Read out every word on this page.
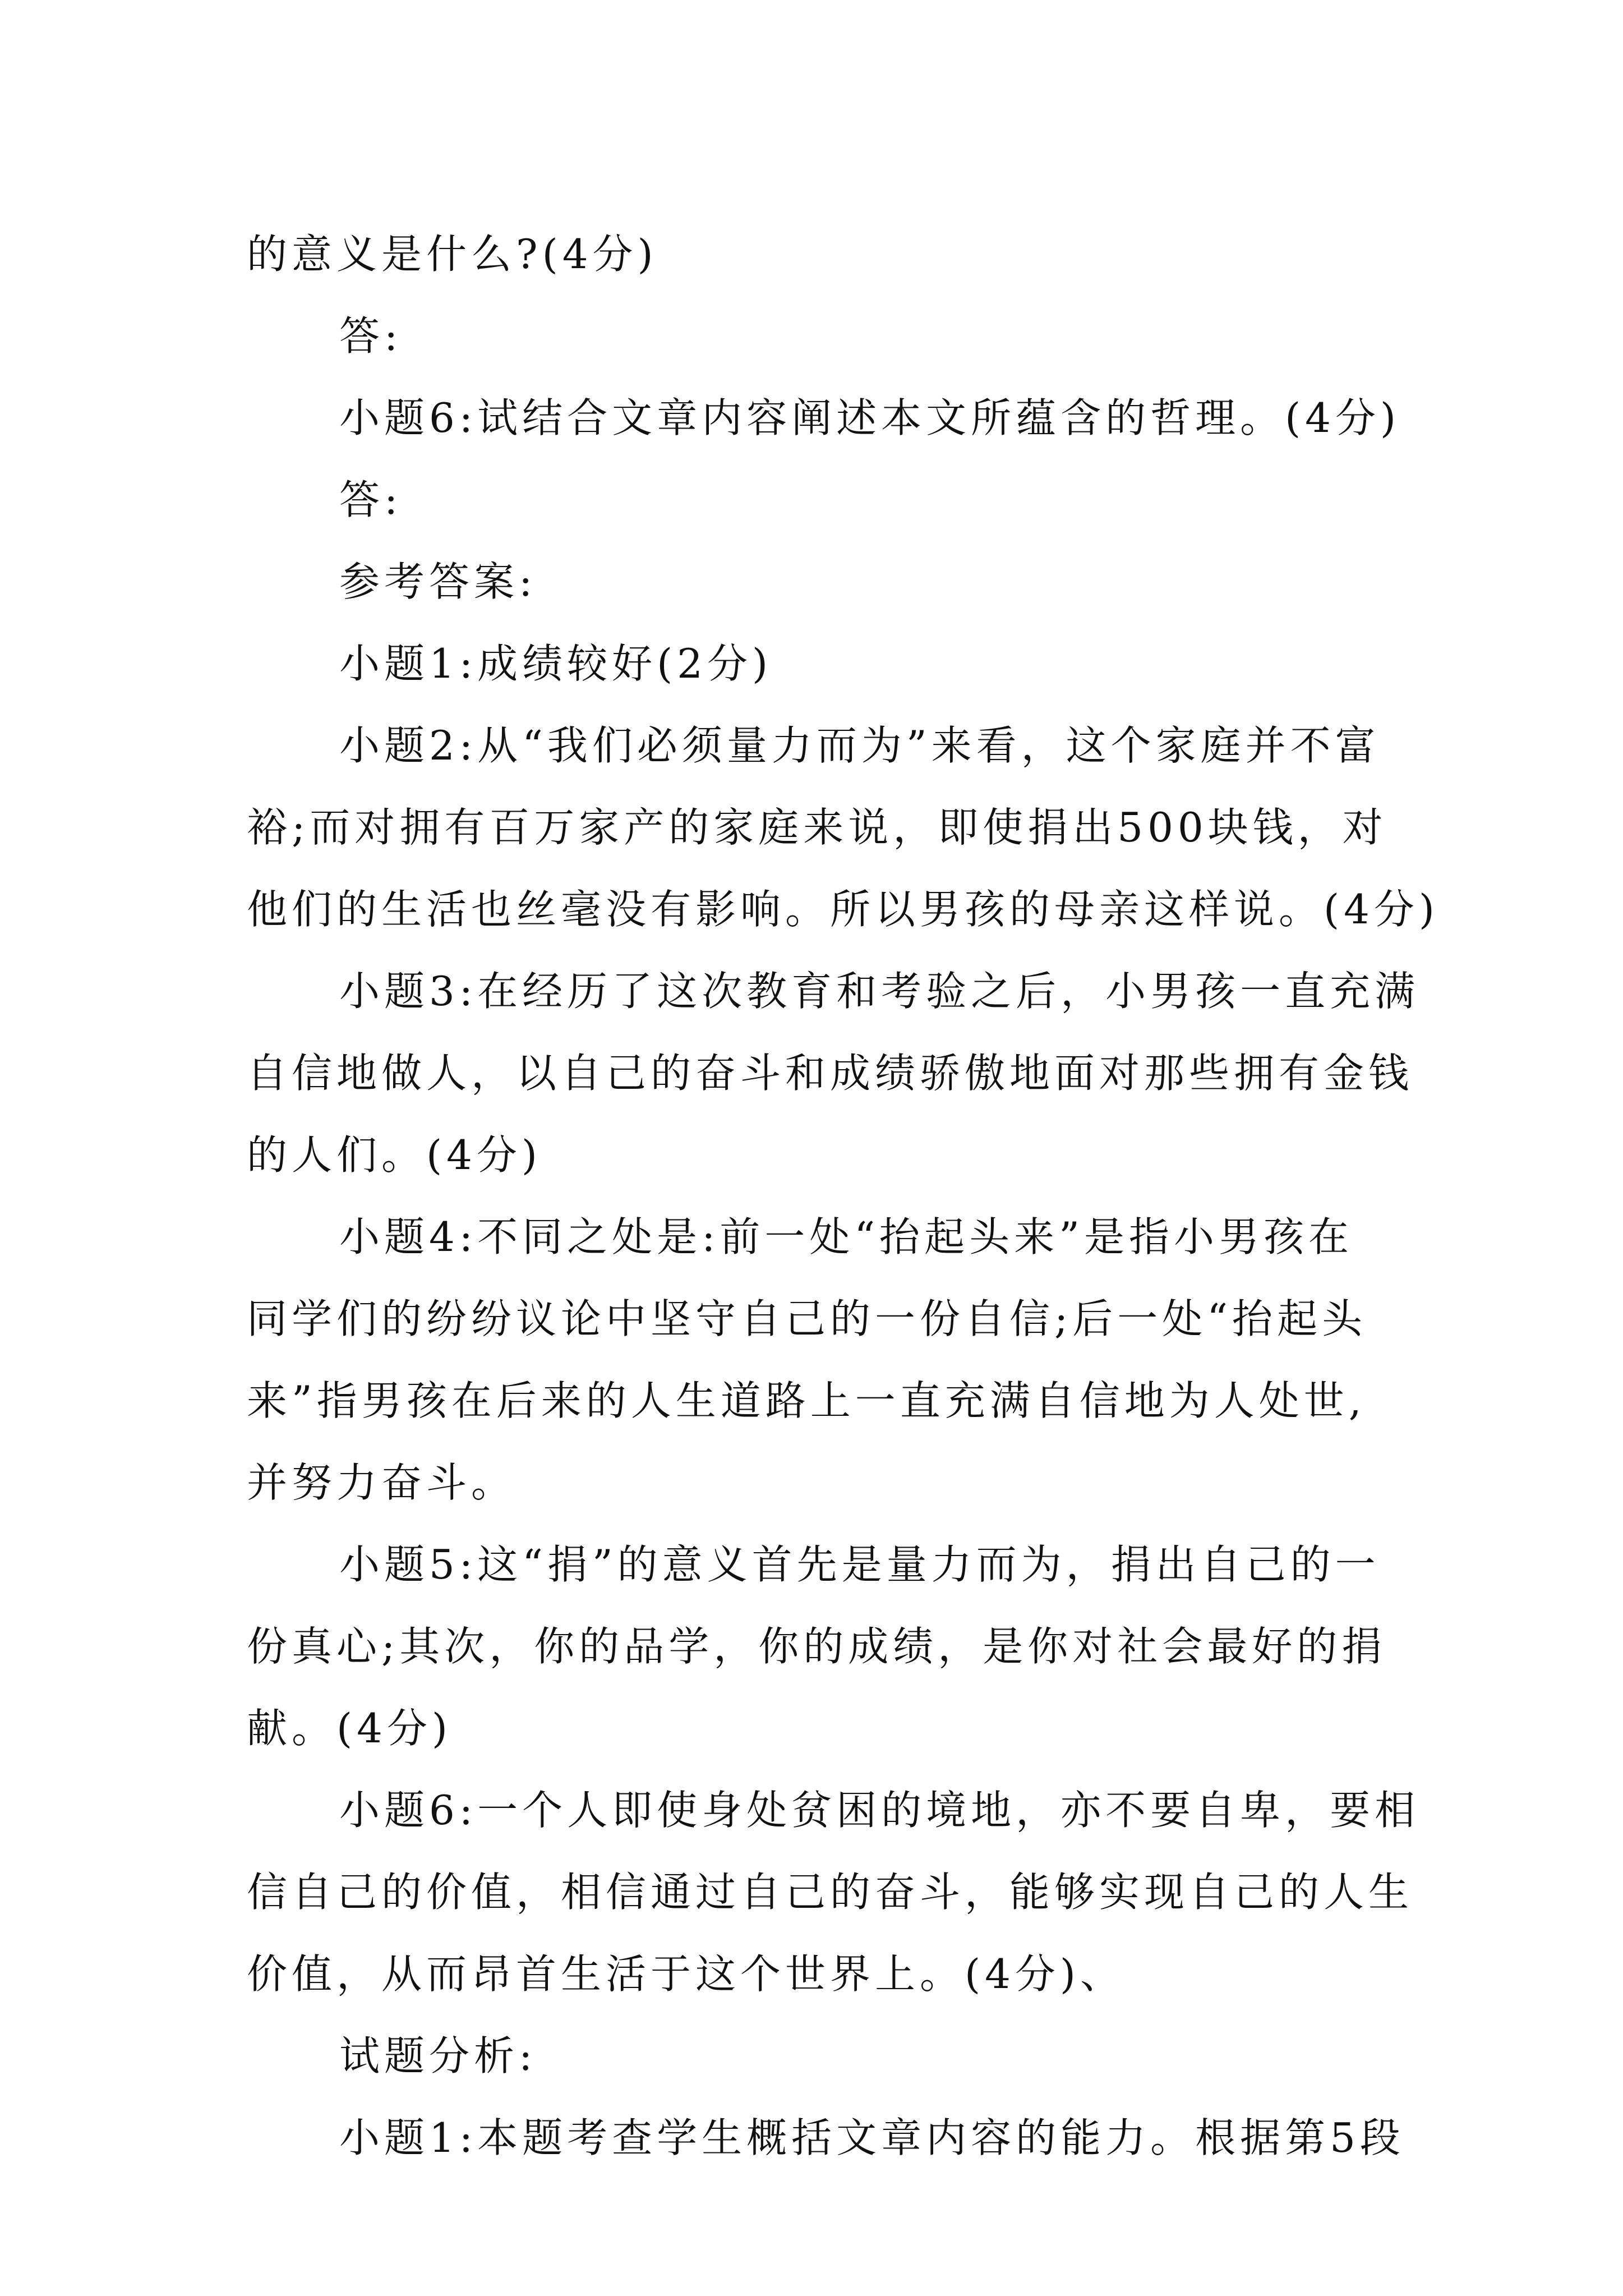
的意义是什么?(4分)
答:
小题6:试结合文章内容阐述本文所蕴含的哲理。(4分)
答:
参考答案:
小题1:成绩较好(2分)
小题2:从“我们必须量力而为”来看，这个家庭并不富
裕;而对拥有百万家产的家庭来说，即使捐出500块钱，对
他们的生活也丝毫没有影响。所以男孩的母亲这样说。(4分)
小题3:在经历了这次教育和考验之后，小男孩一直充满
自信地做人，以自己的奋斗和成绩骄傲地面对那些拥有金钱
的人们。(4分)
小题4:不同之处是:前一处“抬起头来”是指小男孩在
同学们的纷纷议论中坚守自己的一份自信;后一处“抬起头
来”指男孩在后来的人生道路上一直充满自信地为人处世,
并努力奋斗。
小题5:这“捐”的意义首先是量力而为，捐出自己的一
份真心;其次，你的品学，你的成绩，是你对社会最好的捐
献。(4分)
小题6:一个人即使身处贫困的境地，亦不要自卑，要相
信自己的价值，相信通过自己的奋斗，能够实现自己的人生
价值，从而昂首生活于这个世界上。(4分)、
试题分析:
小题1:本题考查学生概括文章内容的能力。根据第5段
